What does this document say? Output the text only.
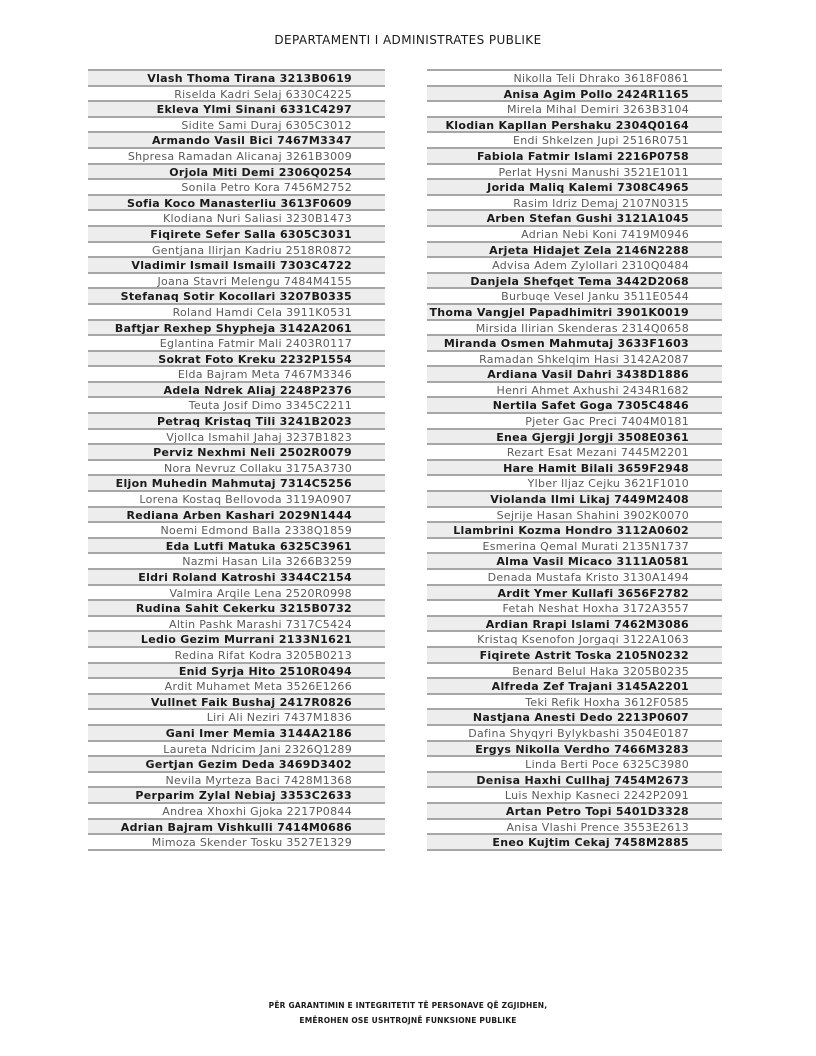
DEPARTAMENTI I ADMINISTRATES PUBLIKE
Vlash Thoma Tirana 3213B0619
Riselda Kadri Selaj 6330C4225
Ekleva Ylmi Sinani 6331C4297
Sidite Sami Duraj 6305C3012
Armando Vasil Bici 7467M3347
Shpresa Ramadan Alicanaj 3261B3009
Orjola Miti Demi 2306Q0254
Sonila Petro Kora 7456M2752
Sofia Koco Manasterliu 3613F0609
Klodiana Nuri Saliasi 3230B1473
Fiqirete Sefer Salla 6305C3031
Gentjana Ilirjan Kadriu 2518R0872
Vladimir Ismail Ismaili 7303C4722
Joana Stavri Melengu 7484M4155
Stefanaq Sotir Kocollari 3207B0335
Roland Hamdi Cela 3911K0531
Baftjar Rexhep Shypheja 3142A2061
Eglantina Fatmir Mali 2403R0117
Sokrat Foto Kreku 2232P1554
Elda Bajram Meta 7467M3346
Adela Ndrek Aliaj 2248P2376
Teuta Josif Dimo 3345C2211
Petraq Kristaq Tili 3241B2023
Vjollca Ismahil Jahaj 3237B1823
Perviz Nexhmi Neli 2502R0079
Nora Nevruz Collaku 3175A3730
Eljon Muhedin Mahmutaj 7314C5256
Lorena Kostaq Bellovoda 3119A0907
Rediana Arben Kashari 2029N1444
Noemi Edmond Balla 2338Q1859
Eda Lutfi Matuka 6325C3961
Nazmi Hasan Lila 3266B3259
Eldri Roland Katroshi 3344C2154
Valmira Arqile Lena 2520R0998
Rudina Sahit Cekerku 3215B0732
Altin Pashk Marashi 7317C5424
Ledio Gezim Murrani 2133N1621
Redina Rifat Kodra 3205B0213
Enid Syrja Hito 2510R0494
Ardit Muhamet Meta 3526E1266
Vullnet Faik Bushaj 2417R0826
Liri Ali Neziri 7437M1836
Gani Imer Memia 3144A2186
Laureta Ndricim Jani 2326Q1289
Gertjan Gezim Deda 3469D3402
Nevila Myrteza Baci 7428M1368
Perparim Zylal Nebiaj 3353C2633
Andrea Xhoxhi Gjoka 2217P0844
Adrian Bajram Vishkulli 7414M0686
Mimoza Skender Tosku 3527E1329
Nikolla Teli Dhrako 3618F0861
Anisa Agim Pollo 2424R1165
Mirela Mihal Demiri 3263B3104
Klodian Kapllan Pershaku 2304Q0164
Endi Shkelzen Jupi 2516R0751
Fabiola Fatmir Islami 2216P0758
Perlat Hysni Manushi 3521E1011
Jorida Maliq Kalemi 7308C4965
Rasim Idriz Demaj 2107N0315
Arben Stefan Gushi 3121A1045
Adrian Nebi Koni 7419M0946
Arjeta Hidajet Zela 2146N2288
Advisa Adem Zylollari 2310Q0484
Danjela Shefqet Tema 3442D2068
Burbuqe Vesel Janku 3511E0544
Thoma Vangjel Papadhimitri 3901K0019
Mirsida Ilirian Skenderas 2314Q0658
Miranda Osmen Mahmutaj 3633F1603
Ramadan Shkelqim Hasi 3142A2087
Ardiana Vasil Dahri 3438D1886
Henri Ahmet Axhushi 2434R1682
Nertila Safet Goga 7305C4846
Pjeter Gac Preci 7404M0181
Enea Gjergji Jorgji 3508E0361
Rezart Esat Mezani 7445M2201
Hare Hamit Bilali 3659F2948
Ylber Iljaz Cejku 3621F1010
Violanda Ilmi Likaj 7449M2408
Sejrije Hasan Shahini 3902K0070
Llambrini Kozma Hondro 3112A0602
Esmerina Qemal Murati 2135N1737
Alma Vasil Micaco 3111A0581
Denada Mustafa Kristo 3130A1494
Ardit Ymer Kullafi 3656F2782
Fetah Neshat Hoxha 3172A3557
Ardian Rrapi Islami 7462M3086
Kristaq Ksenofon Jorgaqi 3122A1063
Fiqirete Astrit Toska 2105N0232
Benard Belul Haka 3205B0235
Alfreda Zef Trajani 3145A2201
Teki Refik Hoxha 3612F0585
Nastjana Anesti Dedo 2213P0607
Dafina Shyqyri Bylykbashi 3504E0187
Ergys Nikolla Verdho 7466M3283
Linda Berti Poce 6325C3980
Denisa Haxhi Cullhaj 7454M2673
Luis Nexhip Kasneci 2242P2091
Artan Petro Topi 5401D3328
Anisa Vlashi Prence 3553E2613
Eneo Kujtim Cekaj 7458M2885
PËR GARANTIMIN E INTEGRITETIT TË PERSONAVE QË ZGJIDHEN,
EMËROHEN OSE USHTROJNË FUNKSIONE PUBLIKE
